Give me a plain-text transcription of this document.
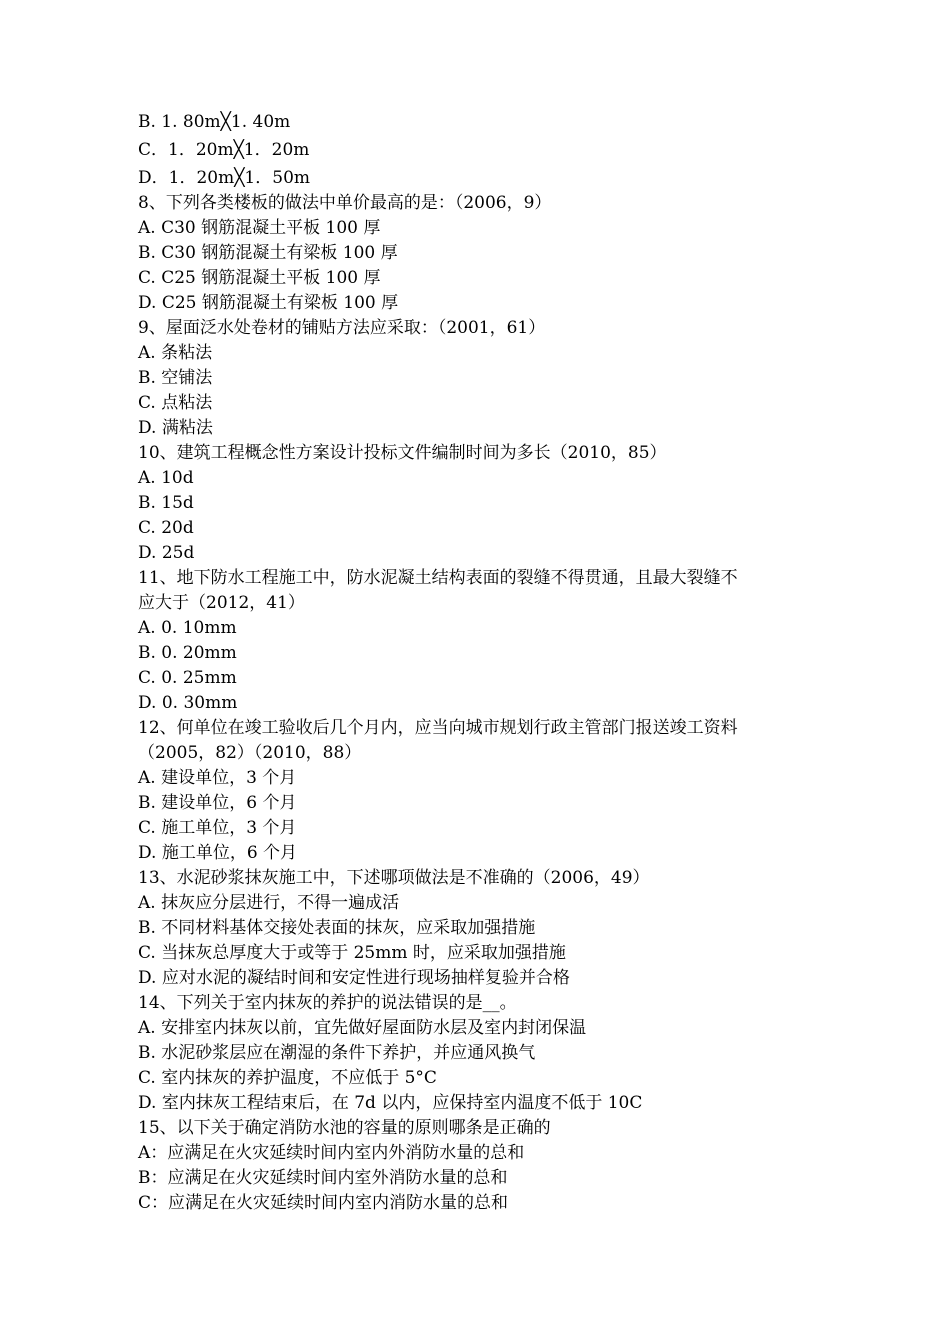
B. 1. 80m╳1. 40m
C．1．20m╳1．20m
D．1．20m╳1．50m
8、下列各类楼板的做法中单价最高的是：（2006，9）
A. C30 钢筋混凝土平板 100 厚
B. C30 钢筋混凝土有梁板 100 厚
C. C25 钢筋混凝土平板 100 厚
D. C25 钢筋混凝土有梁板 100 厚
9、屋面泛水处卷材的铺贴方法应采取：（2001，61）
A. 条粘法
B. 空铺法
C. 点粘法
D. 满粘法
10、建筑工程概念性方案设计投标文件编制时间为多长（2010，85）
A. 10d
B. 15d
C. 20d
D. 25d
11、地下防水工程施工中，防水泥凝土结构表面的裂缝不得贯通，且最大裂缝不
应大于（2012，41）
A. 0. 10mm
B. 0. 20mm
C. 0. 25mm
D. 0. 30mm
12、何单位在竣工验收后几个月内，应当向城市规划行政主管部门报送竣工资料
（2005，82）（2010，88）
A. 建设单位，3 个月
B. 建设单位，6 个月
C. 施工单位，3 个月
D. 施工单位，6 个月
13、水泥砂浆抹灰施工中，下述哪项做法是不准确的（2006，49）
A. 抹灰应分层进行，不得一遍成活
B. 不同材料基体交接处表面的抹灰，应采取加强措施
C. 当抹灰总厚度大于或等于 25mm 时，应采取加强措施
D. 应对水泥的凝结时间和安定性进行现场抽样复验并合格
14、下列关于室内抹灰的养护的说法错误的是__。
A. 安排室内抹灰以前，宜先做好屋面防水层及室内封闭保温
B. 水泥砂浆层应在潮湿的条件下养护，并应通风换气
C. 室内抹灰的养护温度，不应低于 5°C
D. 室内抹灰工程结束后，在 7d 以内，应保持室内温度不低于 10C
15、以下关于确定消防水池的容量的原则哪条是正确的
A：应满足在火灾延续时间内室内外消防水量的总和
B：应满足在火灾延续时间内室外消防水量的总和
C：应满足在火灾延续时间内室内消防水量的总和
